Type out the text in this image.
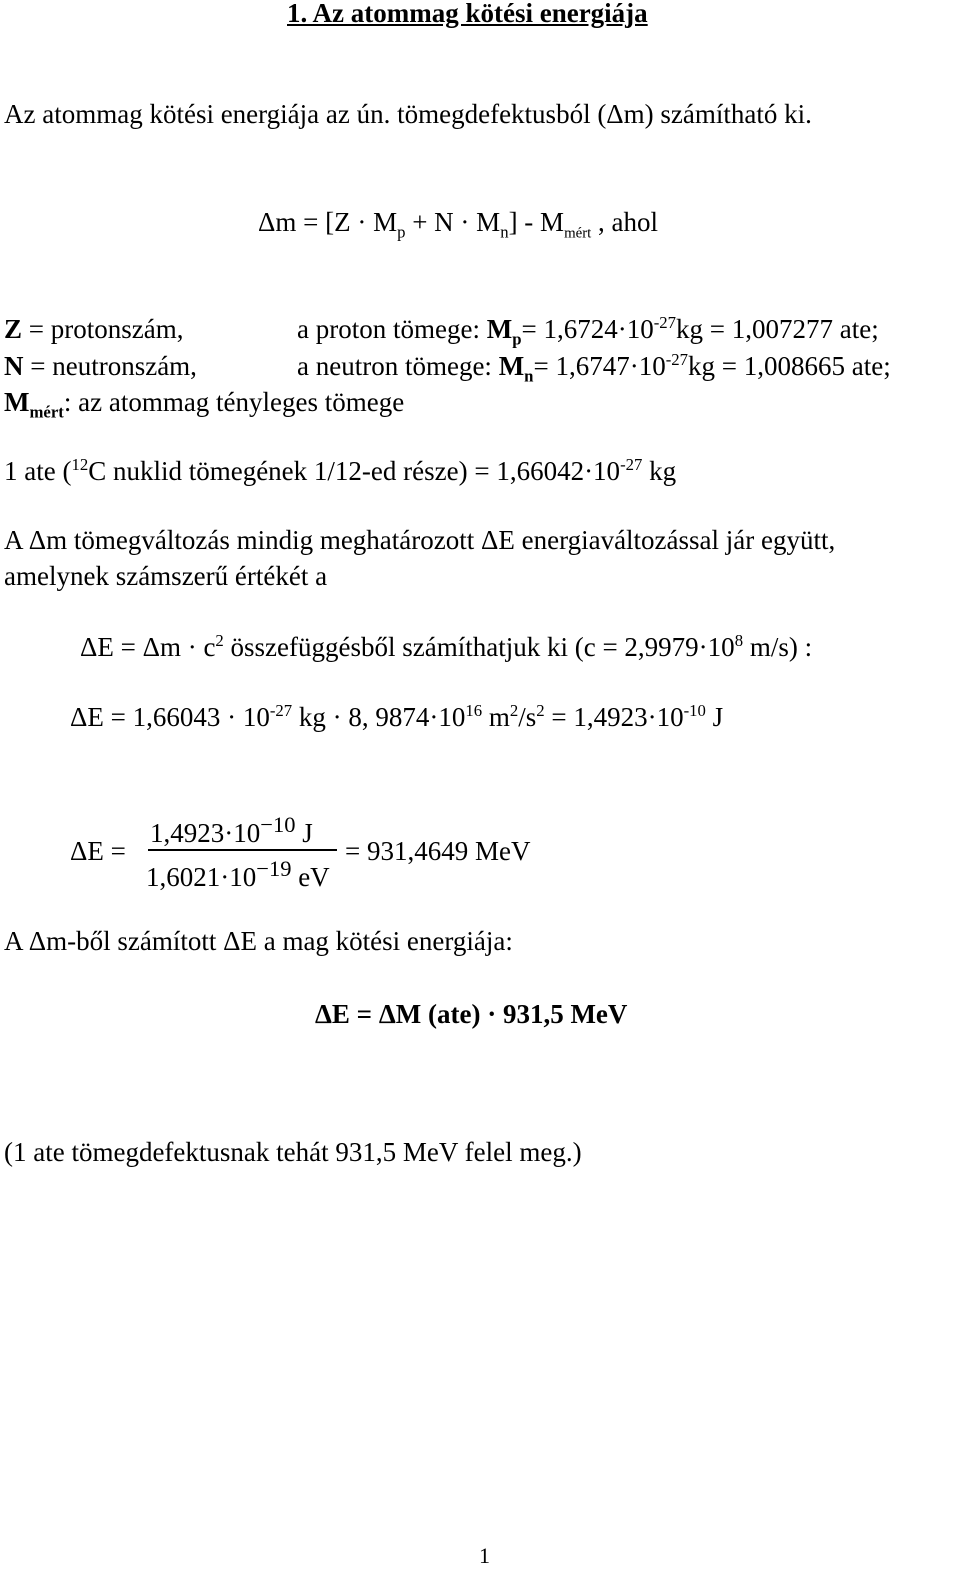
1. Az atommag kötési energiája
Az atommag kötési energiája az ún. tömegdefektusból (Δm) számítható ki.
$\Delta m = [Z \cdot M_p + N \cdot M_n] - M_{mért}$ , ahol
Z = protonszám,	a proton tömege: $M_p= 1,6724\cdot 10^{-27}kg = 1,007277$ ate;
N = neutronszám,	a neutron tömege: $M_n= 1,6747\cdot 10^{-27}kg = 1,008665$ ate;
$M_{mért}$: az atommag tényleges tömege
1 ate ($^{12}$C nuklid tömegének 1/12-ed része) = $1,66042\cdot 10^{-27}$ kg
A Δm tömegváltozás mindig meghatározott ΔE energiaváltozással jár együtt,
amelynek számszerű értékét a
$\Delta E = \Delta m \cdot c^2$ összefüggésből számíthatjuk ki ($c = 2,9979\cdot 10^8$ m/s) :
$\Delta E = 1,66043 \cdot 10^{-27}$ kg · 8, $9874\cdot 10^{16}$ $m^2/s^2 = 1,4923\cdot 10^{-10}$ J
ΔE =
$1,4923\cdot 10^{-10}$ J
$1,6021\cdot 10^{-19}$ eV
= 931,4649 MeV
A Δm-ből számított ΔE a mag kötési energiája:
ΔE = ΔM (ate) · 931,5 MeV
(1 ate tömegdefektusnak tehát 931,5 MeV felel meg.)
1
